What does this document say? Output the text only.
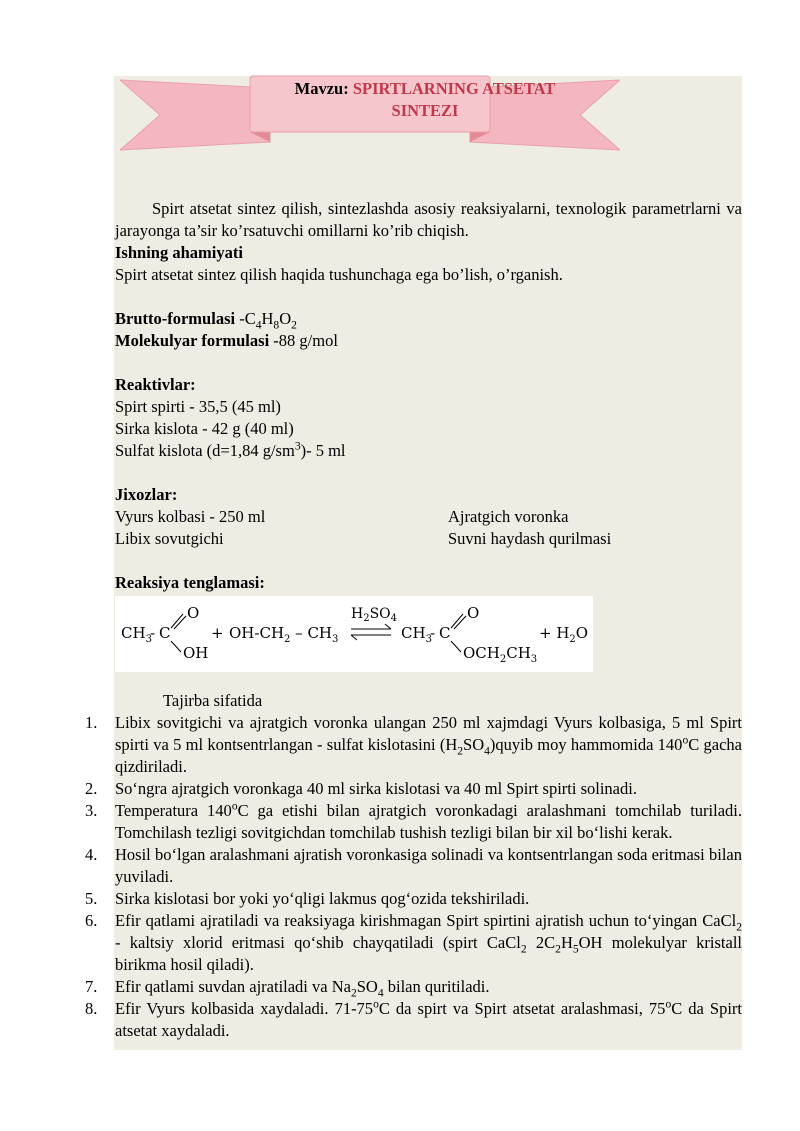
Mavzu: SPIRTLARNING ATSETAT
SINTEZI

Spirt atsetat sintez qilish, sintezlashda asosiy reaksiyalarni, texnologik parametrlarni va jarayonga ta’sir ko’rsatuvchi omillarni ko’rib chiqish.

Ishning ahamiyati

Spirt atsetat sintez qilish haqida tushunchaga ega bo’lish, o’rganish.

Brutto-formulasi $-C_4H_8O_2$

Molekulyar formulasi -88 g/mol

Reaktivlar:

Spirt spirti - 35,5 (45 ml)

Sirka kislota - 42 g (40 ml)

Sulfat kislota (d=1,84 $g/sm^3)-$ 5 ml

Jixozlar:

Vyurs kolbasi - 250 ml	Ajratgich voronka
Libix sovutgichi	Suvni haydash qurilmasi

Reaksiya tenglamasi:

$CH_3$
- C
O
OH
+ $OH-CH_2 - CH_3$
$H_2SO_4$
$CH_3$
- C
O
$OCH_2CH_3$
+ $H_2O$

Tajirba sifatida

1. Libix sovitgichi va ajratgich voronka ulangan 250 ml xajmdagi Vyurs kolbasiga, 5 ml Spirt spirti va 5 ml kontsentrlangan - sulfat kislotasini $(H_2SO_4)quyib$ moy hammomida 140$^o$C gacha qizdiriladi.
2. So‘ngra ajratgich voronkaga 40 ml sirka kislotasi va 40 ml Spirt spirti solinadi.
3. Temperatura 140$^o$C ga etishi bilan ajratgich voronkadagi aralashmani tomchilab turiladi. Tomchilash tezligi sovitgichdan tomchilab tushish tezligi bilan bir xil bo‘lishi kerak.
4. Hosil bo‘lgan aralashmani ajratish voronkasiga solinadi va kontsentrlangan soda eritmasi bilan yuviladi.
5. Sirka kislotasi bor yoki yo‘qligi lakmus qog‘ozida tekshiriladi.
6. Efir qatlami ajratiladi va reaksiyaga kirishmagan Spirt spirtini ajratish uchun to‘yingan CaCl$_2$ - kaltsiy xlorid eritmasi qo‘shib chayqatiladi (spirt CaCl$_2$ $2C_2H_5OH$ molekulyar kristall birikma hosil qiladi).
7. Efir qatlami suvdan ajratiladi va $Na_2SO_4$ bilan quritiladi.
8. Efir Vyurs kolbasida xaydaladi. 71-75$^o$C da spirt va Spirt atsetat aralashmasi, 75$^o$C da Spirt atsetat xaydaladi.
